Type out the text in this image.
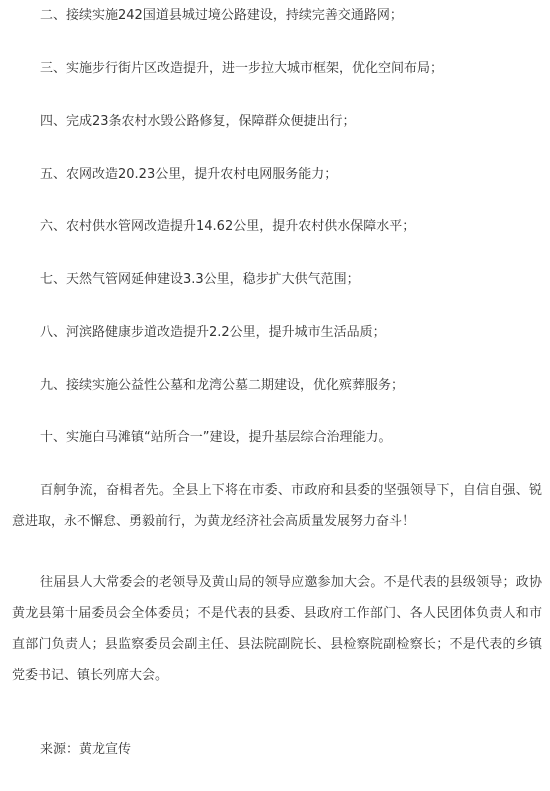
二、接续实施242国道县城过境公路建设，持续完善交通路网；
三、实施步行街片区改造提升，进一步拉大城市框架，优化空间布局；
四、完成23条农村水毁公路修复，保障群众便捷出行；
五、农网改造20.23公里，提升农村电网服务能力；
六、农村供水管网改造提升14.62公里，提升农村供水保障水平；
七、天然气管网延伸建设3.3公里，稳步扩大供气范围；
八、河滨路健康步道改造提升2.2公里，提升城市生活品质；
九、接续实施公益性公墓和龙湾公墓二期建设，优化殡葬服务；
十、实施白马滩镇“站所合一”建设，提升基层综合治理能力。
百舸争流，奋楫者先。全县上下将在市委、市政府和县委的坚强领导下，自信自强、锐意进取，永不懈怠、勇毅前行，为黄龙经济社会高质量发展努力奋斗！
往届县人大常委会的老领导及黄山局的领导应邀参加大会。不是代表的县级领导；政协黄龙县第十届委员会全体委员；不是代表的县委、县政府工作部门、各人民团体负责人和市直部门负责人；县监察委员会副主任、县法院副院长、县检察院副检察长；不是代表的乡镇党委书记、镇长列席大会。
来源：黄龙宣传
